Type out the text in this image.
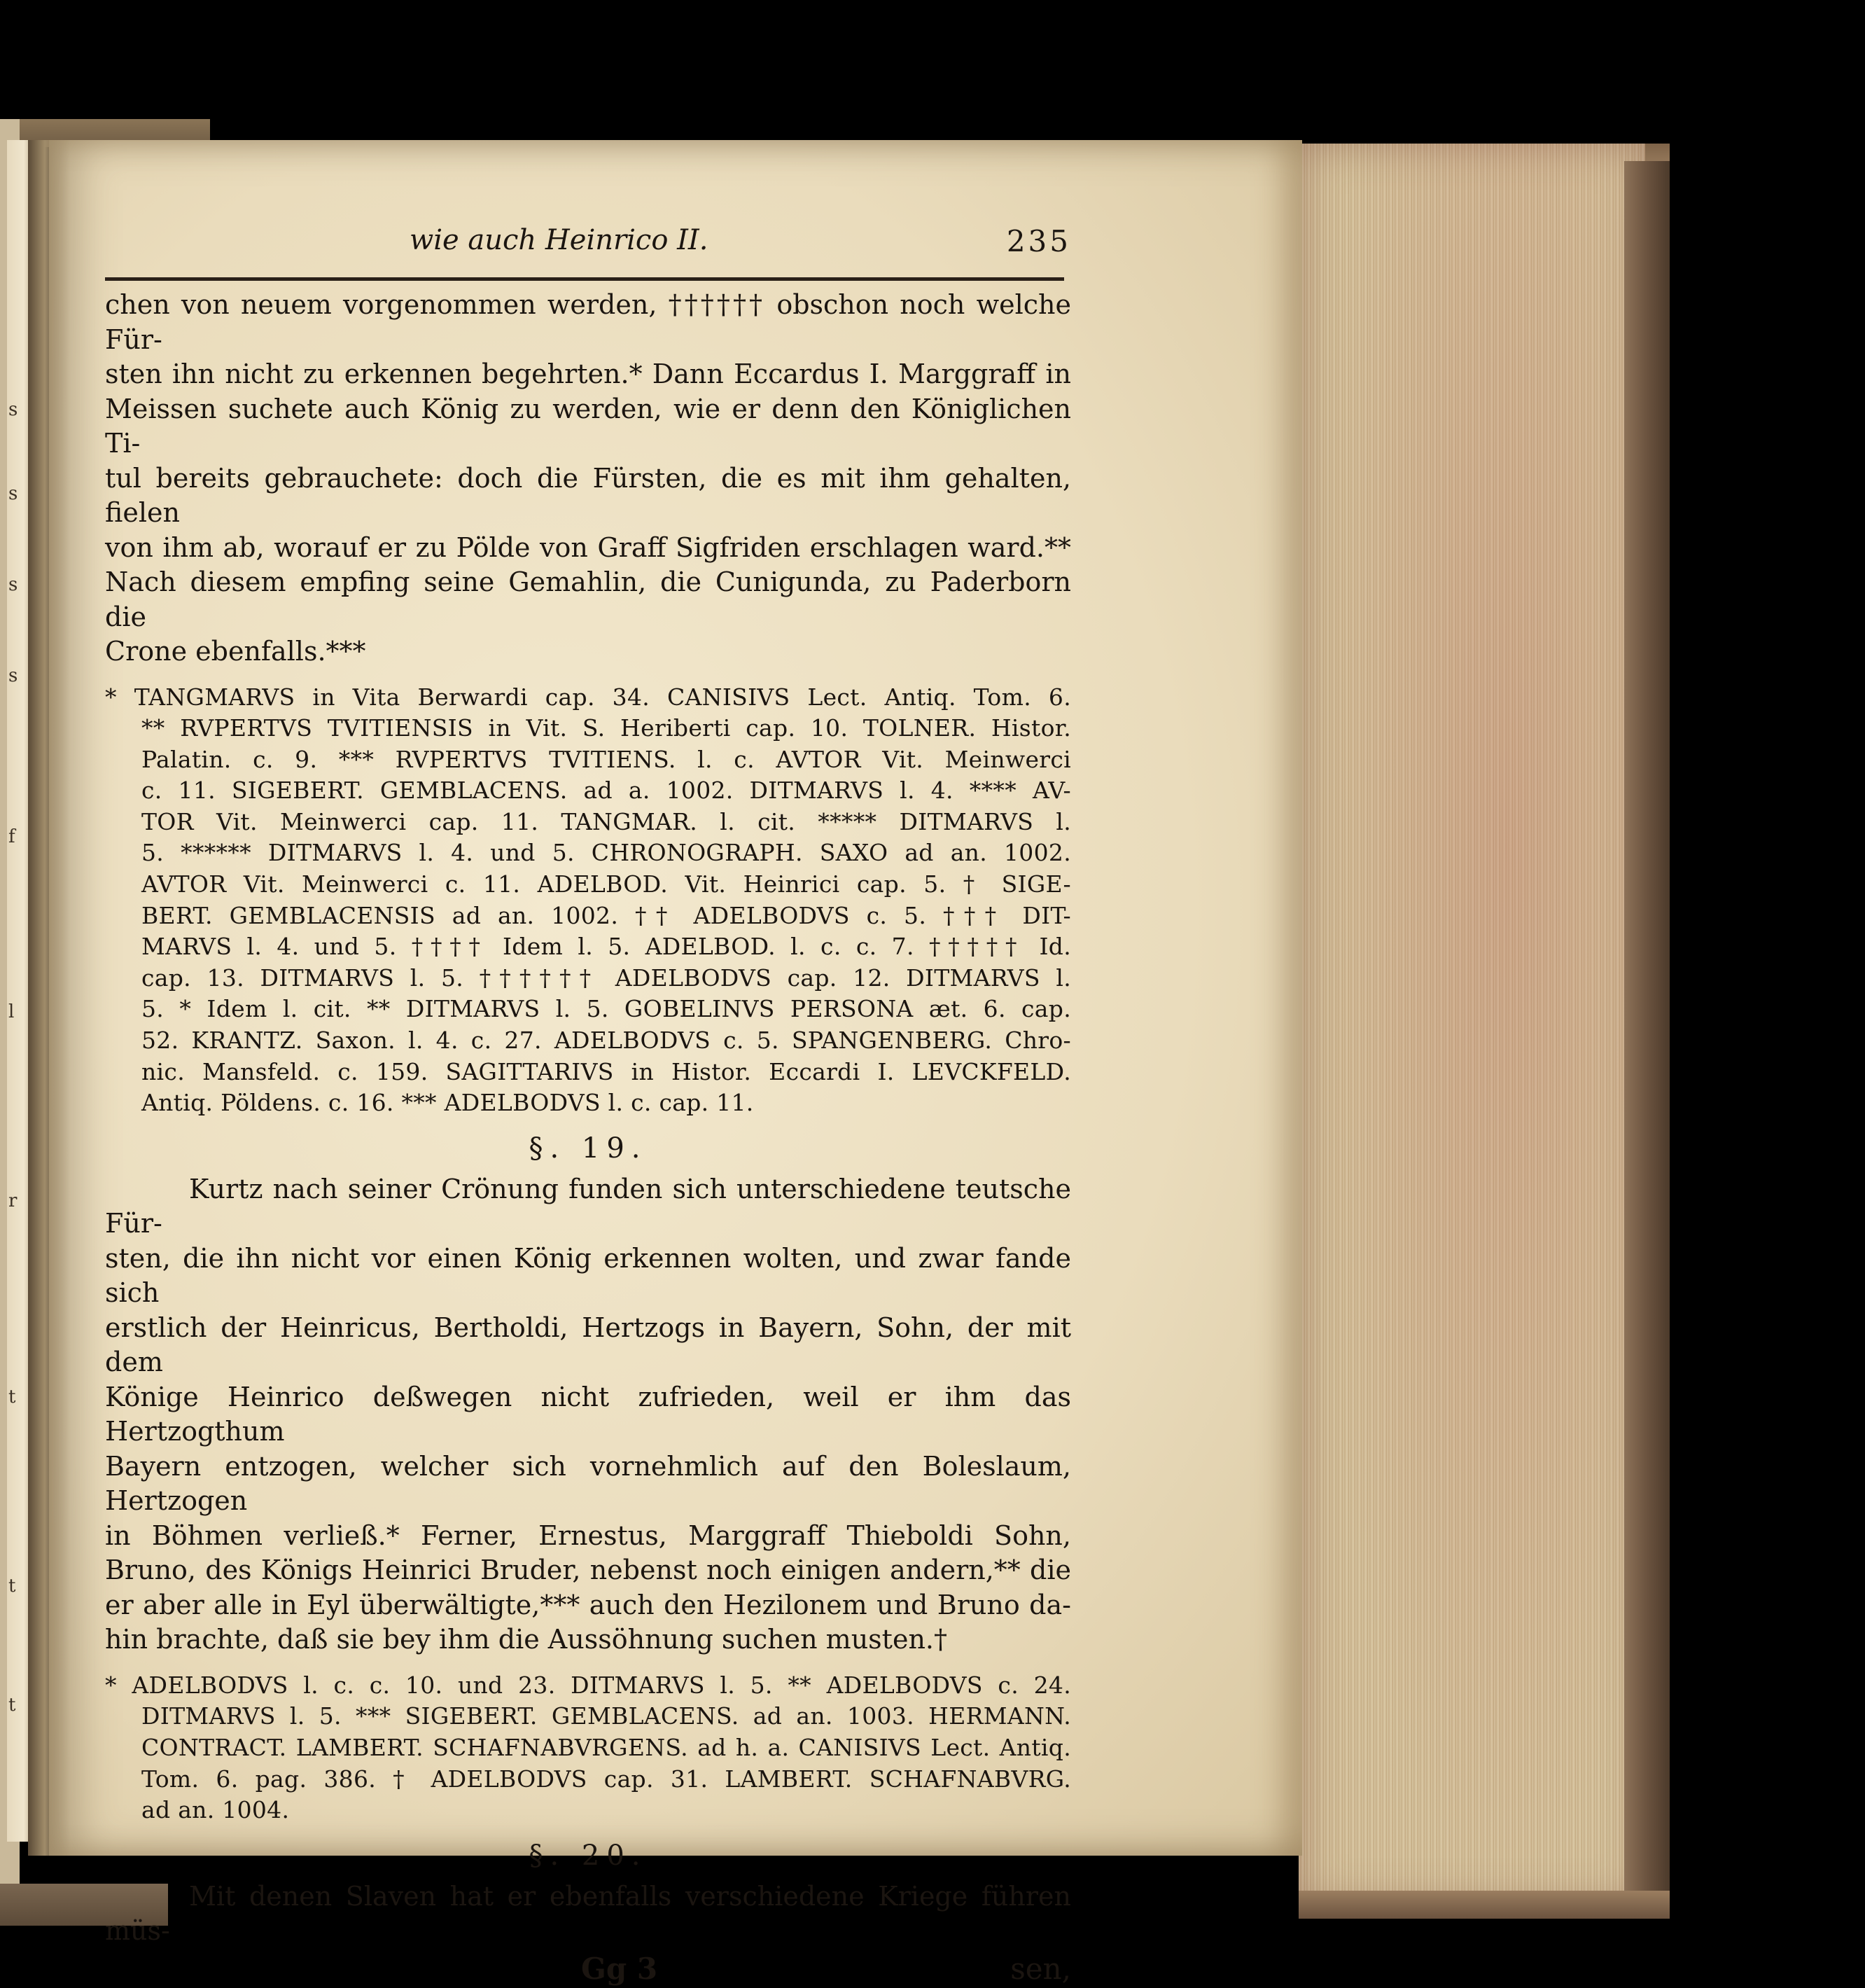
s
s
s
s
f
l
r
t
t
t
wie auch Heinrico II.	235

chen von neuem vorgenommen werden, †††††† obschon noch welche Für-

sten ihn nicht zu erkennen begehrten.* Dann Eccardus I. Marggraff in

Meissen suchete auch König zu werden, wie er denn den Königlichen Ti-

tul bereits gebrauchete: doch die Fürsten, die es mit ihm gehalten, fielen

von ihm ab, worauf er zu Pölde von Graff Sigfriden erschlagen ward.**

Nach diesem empfing seine Gemahlin, die Cunigunda, zu Paderborn die

Crone ebenfalls.***

* TANGMARVS in Vita Berwardi cap. 34. CANISIVS Lect. Antiq. Tom. 6.

** RVPERTVS TVITIENSIS in Vit. S. Heriberti cap. 10. TOLNER. Histor.

Palatin. c. 9. *** RVPERTVS TVITIENS. l. c. AVTOR Vit. Meinwerci

c. 11. SIGEBERT. GEMBLACENS. ad a. 1002. DITMARVS l. 4. **** AV-

TOR Vit. Meinwerci cap. 11. TANGMAR. l. cit. ***** DITMARVS l.

5. ****** DITMARVS l. 4. und 5. CHRONOGRAPH. SAXO ad an. 1002.

AVTOR Vit. Meinwerci c. 11. ADELBOD. Vit. Heinrici cap. 5. † SIGE-

BERT. GEMBLACENSIS ad an. 1002. †† ADELBODVS c. 5. ††† DIT-

MARVS l. 4. und 5. †††† Idem l. 5. ADELBOD. l. c. c. 7. ††††† Id.

cap. 13. DITMARVS l. 5. †††††† ADELBODVS cap. 12. DITMARVS l.

5. * Idem l. cit. ** DITMARVS l. 5. GOBELINVS PERSONA æt. 6. cap.

52. KRANTZ. Saxon. l. 4. c. 27. ADELBODVS c. 5. SPANGENBERG. Chro-

nic. Mansfeld. c. 159. SAGITTARIVS in Histor. Eccardi I. LEVCKFELD.

Antiq. Pöldens. c. 16. *** ADELBODVS l. c. cap. 11.

§. 19.

Kurtz nach seiner Crönung funden sich unterschiedene teutsche Für-

sten, die ihn nicht vor einen König erkennen wolten, und zwar fande sich

erstlich der Heinricus, Bertholdi, Hertzogs in Bayern, Sohn, der mit dem

Könige Heinrico deßwegen nicht zufrieden, weil er ihm das Hertzogthum

Bayern entzogen, welcher sich vornehmlich auf den Boleslaum, Hertzogen

in Böhmen verließ.* Ferner, Ernestus, Marggraff Thieboldi Sohn,

Bruno, des Königs Heinrici Bruder, nebenst noch einigen andern,** die

er aber alle in Eyl überwältigte,*** auch den Hezilonem und Bruno da-

hin brachte, daß sie bey ihm die Aussöhnung suchen musten.†

* ADELBODVS l. c. c. 10. und 23. DITMARVS l. 5. ** ADELBODVS c. 24.

DITMARVS l. 5. *** SIGEBERT. GEMBLACENS. ad an. 1003. HERMANN.

CONTRACT. LAMBERT. SCHAFNABVRGENS. ad h. a. CANISIVS Lect. Antiq.

Tom. 6. pag. 386. † ADELBODVS cap. 31. LAMBERT. SCHAFNABVRG.

ad an. 1004.

§. 20.

Mit denen Slaven hat er ebenfalls verschiedene Kriege führen müs-

Gg 3	sen,
